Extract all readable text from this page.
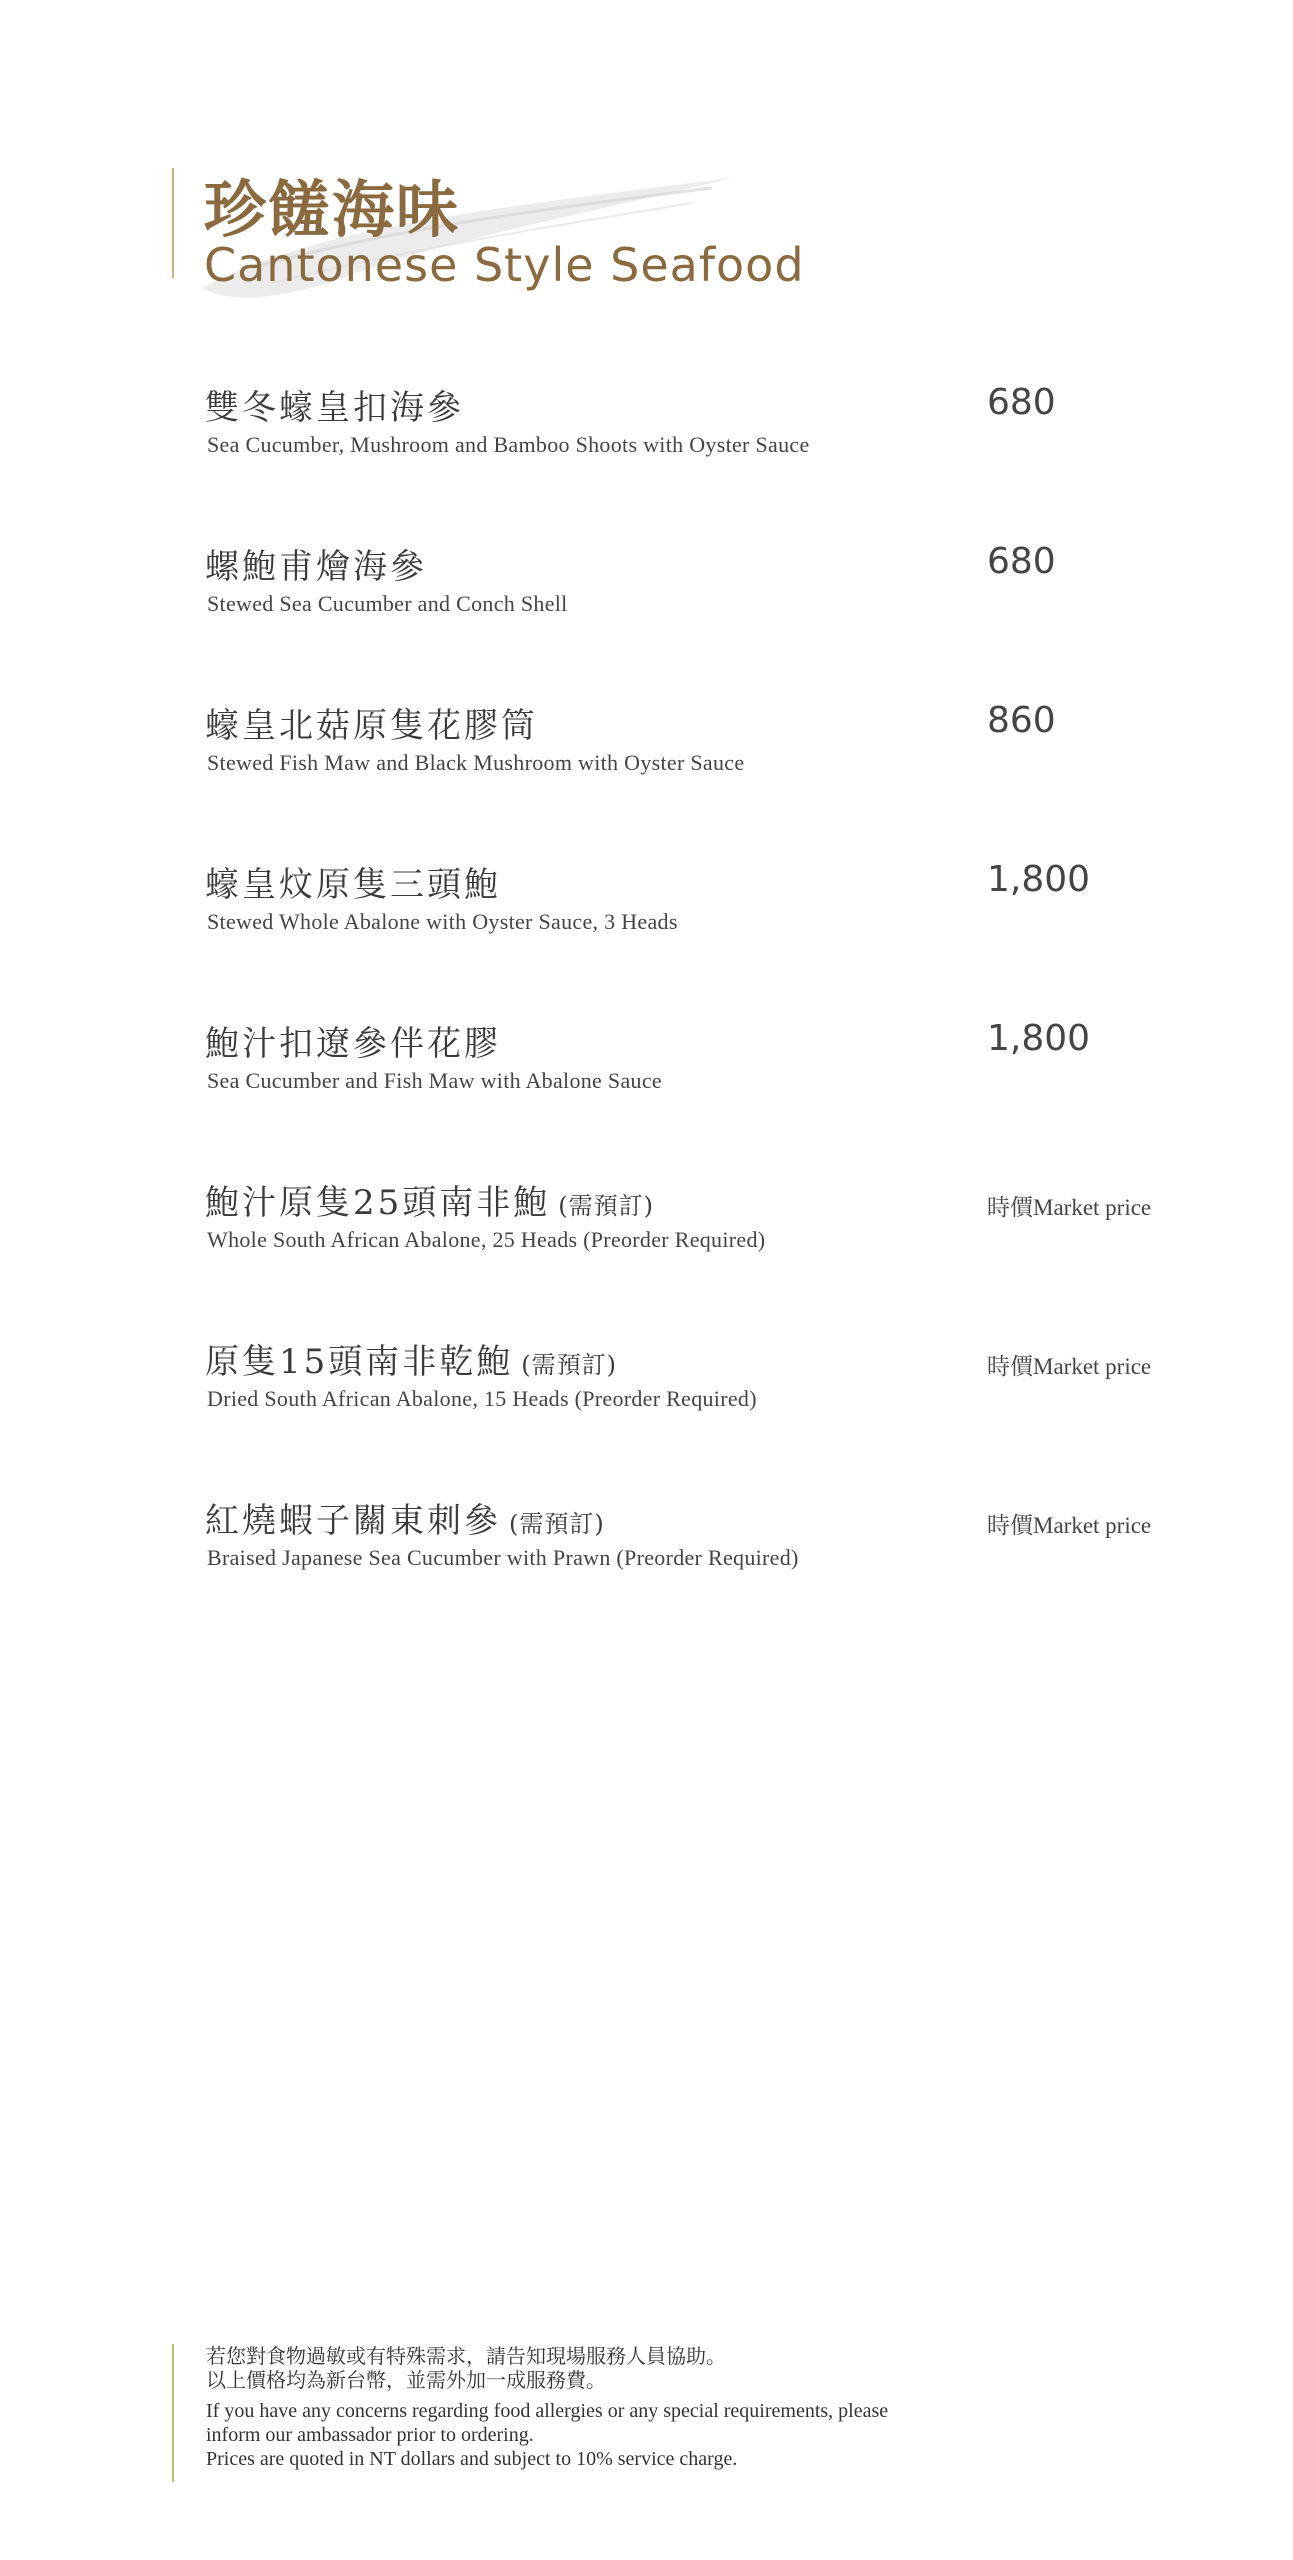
珍饈海味
Cantonese Style Seafood
雙冬蠔皇扣海參
Sea Cucumber, Mushroom and Bamboo Shoots with Oyster Sauce
680
螺鮑甫燴海參
Stewed Sea Cucumber and Conch Shell
680
蠔皇北菇原隻花膠筒
Stewed Fish Maw and Black Mushroom with Oyster Sauce
860
蠔皇炆原隻三頭鮑
Stewed Whole Abalone with Oyster Sauce, 3 Heads
1,800
鮑汁扣遼參伴花膠
Sea Cucumber and Fish Maw with Abalone Sauce
1,800
鮑汁原隻25頭南非鮑 (需預訂)
Whole South African Abalone, 25 Heads (Preorder Required)
時價Market price
原隻15頭南非乾鮑 (需預訂)
Dried South African Abalone, 15 Heads (Preorder Required)
時價Market price
紅燒蝦子關東刺參 (需預訂)
Braised Japanese Sea Cucumber with Prawn (Preorder Required)
時價Market price
若您對食物過敏或有特殊需求，請告知現場服務人員協助。
以上價格均為新台幣，並需外加一成服務費。
If you have any concerns regarding food allergies or any special requirements, please
inform our ambassador prior to ordering.
Prices are quoted in NT dollars and subject to 10% service charge.
